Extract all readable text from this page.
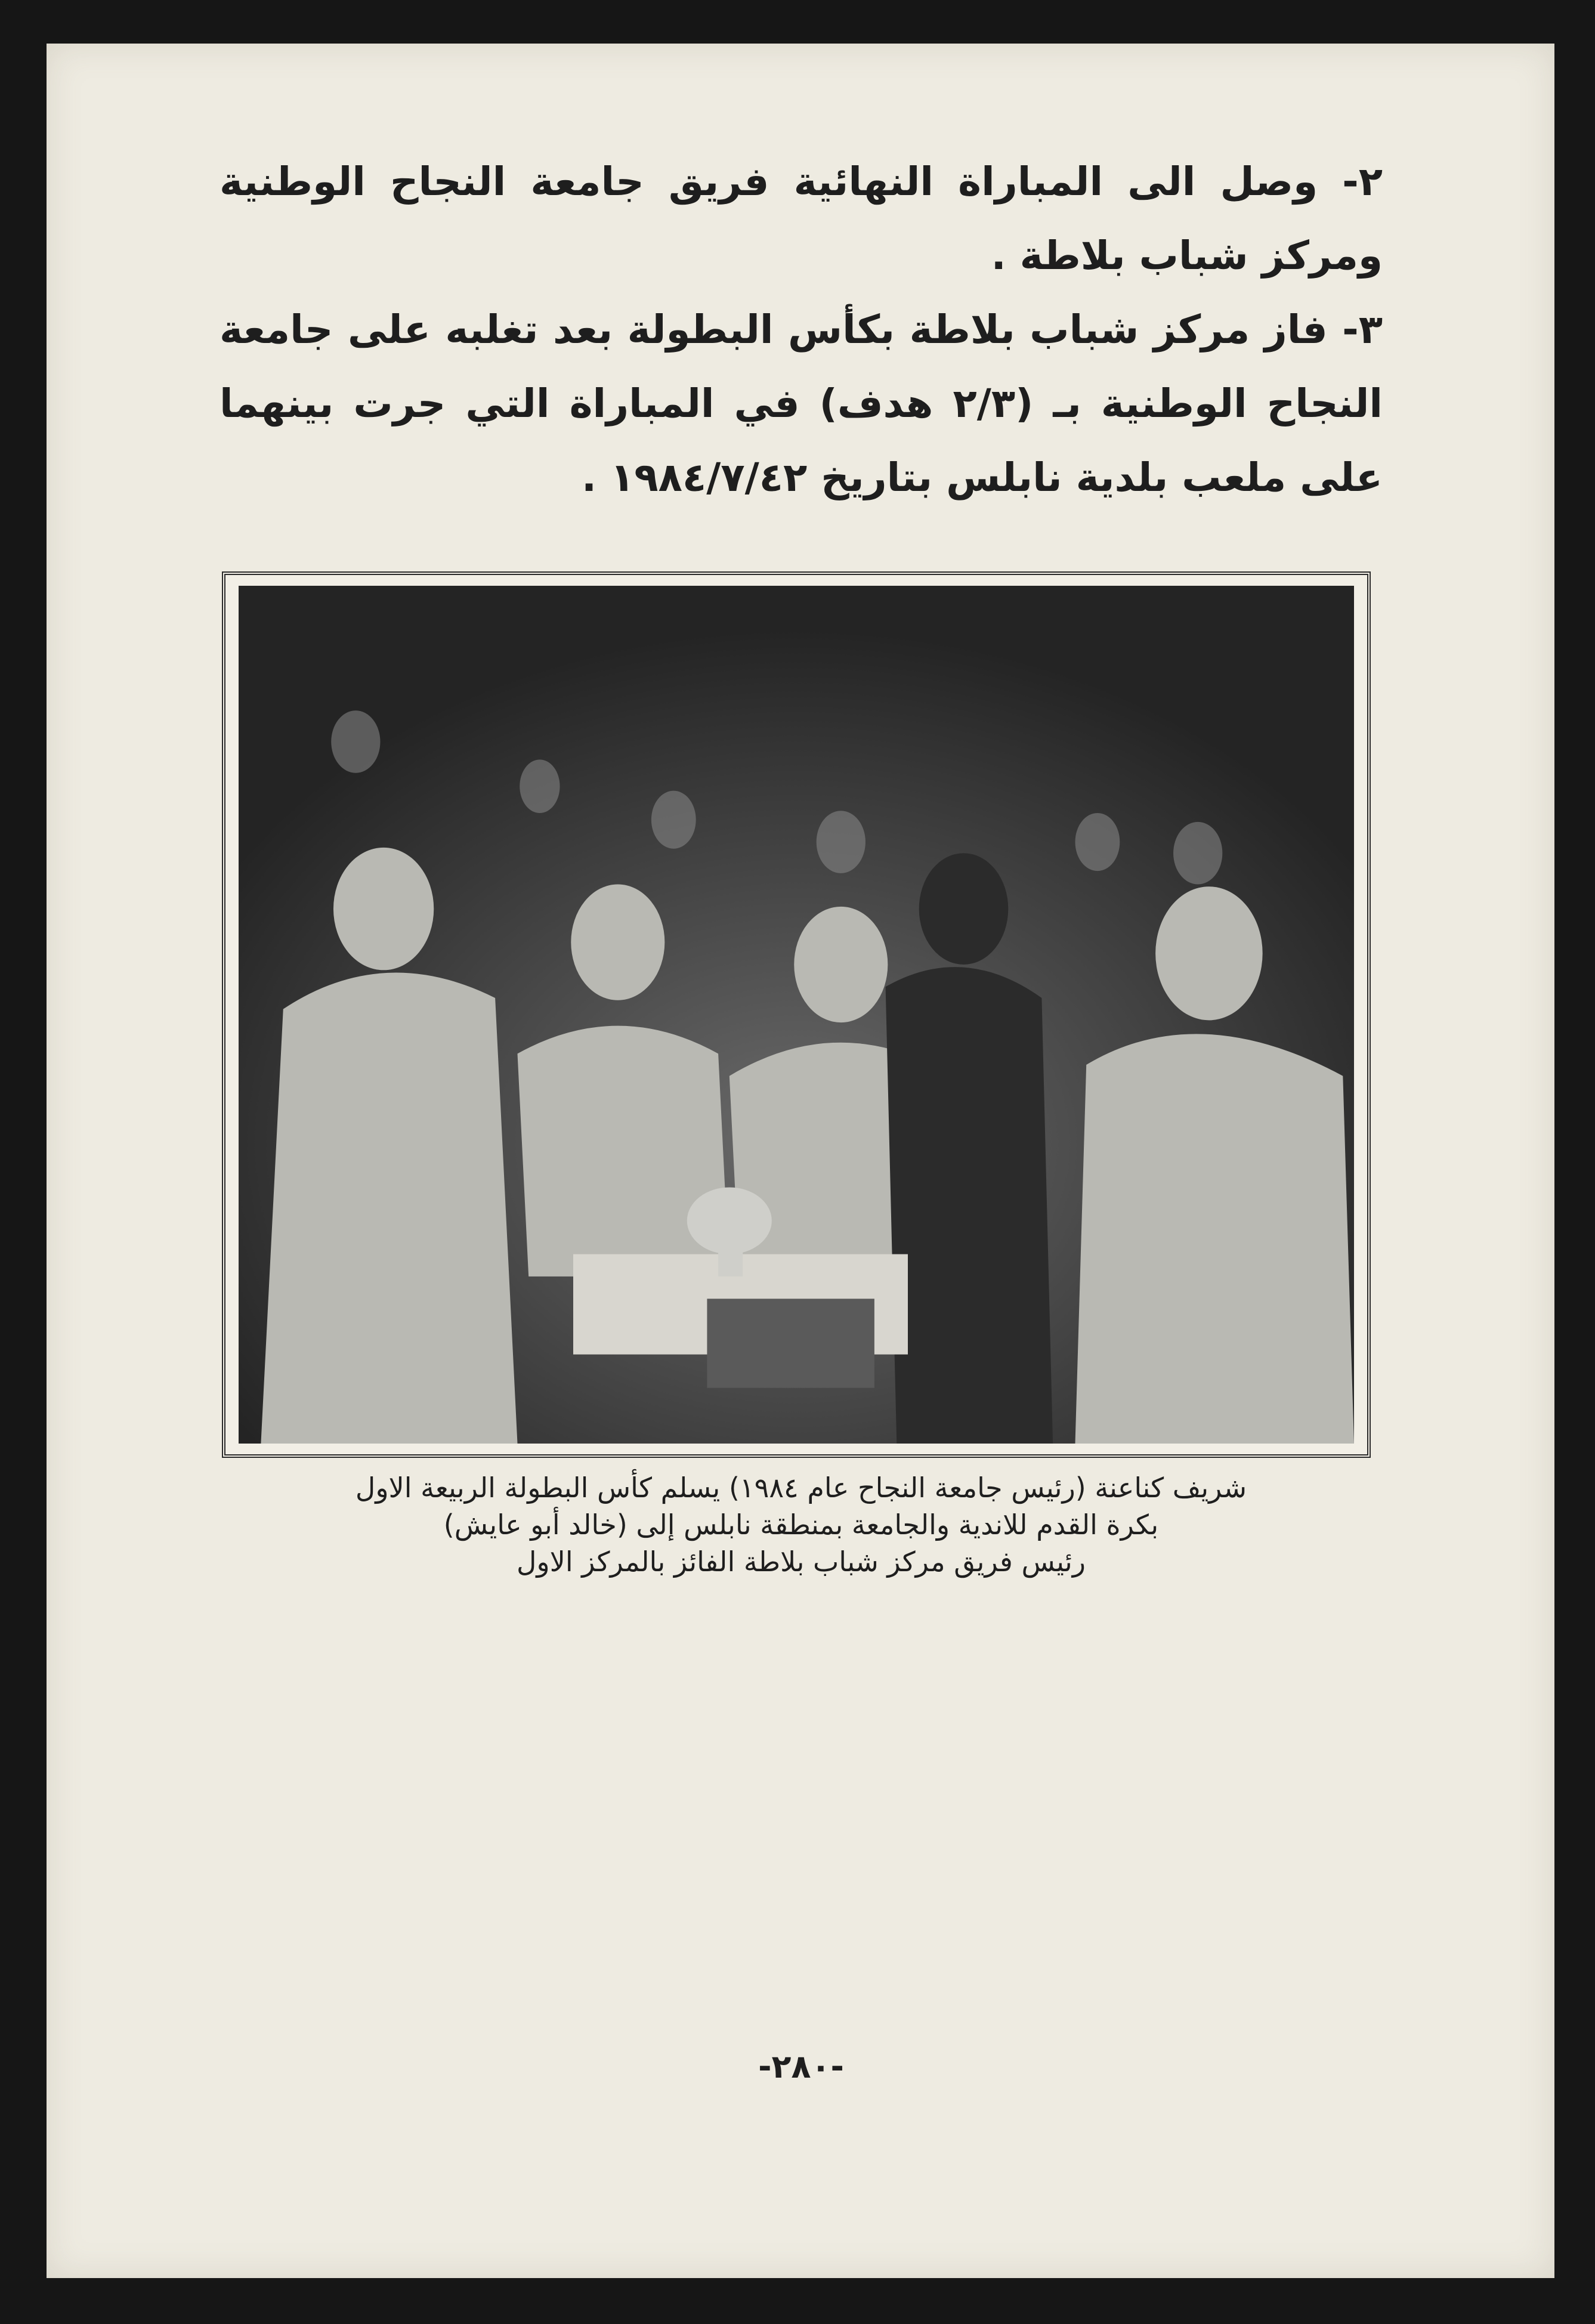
٢- وصل الى المباراة النهائية فريق جامعة النجاح الوطنية ومركز شباب بلاطة .

٣- فاز مركز شباب بلاطة بكأس البطولة بعد تغلبه على جامعة النجاح الوطنية بـ (٢/٣ هدف) في المباراة التي جرت بينهما على ملعب بلدية نابلس بتاريخ ١٩٨٤/٧/٤٢ .

شريف كناعنة (رئيس جامعة النجاح عام ١٩٨٤) يسلم كأس البطولة الربيعة الاول
بكرة القدم للاندية والجامعة بمنطقة نابلس إلى (خالد أبو عايش)
رئيس فريق مركز شباب بلاطة الفائز بالمركز الاول
-٢٨٠-
